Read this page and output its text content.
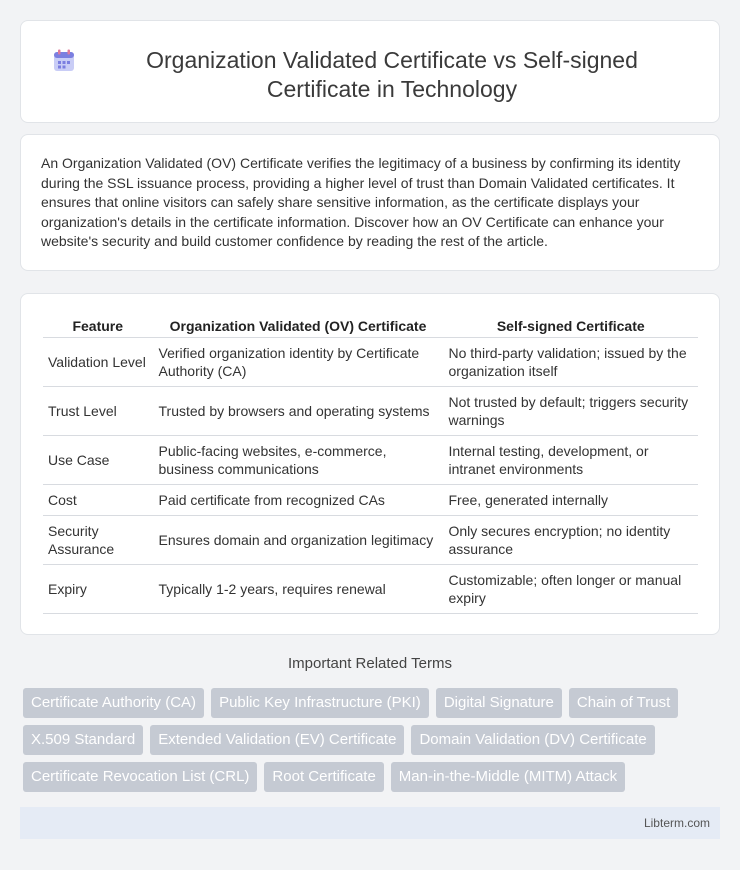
Organization Validated Certificate vs Self-signed Certificate in Technology

An Organization Validated (OV) Certificate verifies the legitimacy of a business by confirming its identity during the SSL issuance process, providing a higher level of trust than Domain Validated certificates. It ensures that online visitors can safely share sensitive information, as the certificate displays your organization's details in the certificate information. Discover how an OV Certificate can enhance your website's security and build customer confidence by reading the rest of the article.

Feature	Organization Validated (OV) Certificate	Self-signed Certificate
Validation Level	Verified organization identity by Certificate Authority (CA)	No third-party validation; issued by the organization itself
Trust Level	Trusted by browsers and operating systems	Not trusted by default; triggers security warnings
Use Case	Public-facing websites, e-commerce, business communications	Internal testing, development, or intranet environments
Cost	Paid certificate from recognized CAs	Free, generated internally
Security Assurance	Ensures domain and organization legitimacy	Only secures encryption; no identity assurance
Expiry	Typically 1-2 years, requires renewal	Customizable; often longer or manual expiry
Important Related Terms
Certificate Authority (CA)	Public Key Infrastructure (PKI)	Digital Signature	Chain of Trust
X.509 Standard	Extended Validation (EV) Certificate	Domain Validation (DV) Certificate
Certificate Revocation List (CRL)	Root Certificate	Man-in-the-Middle (MITM) Attack
Libterm.com
